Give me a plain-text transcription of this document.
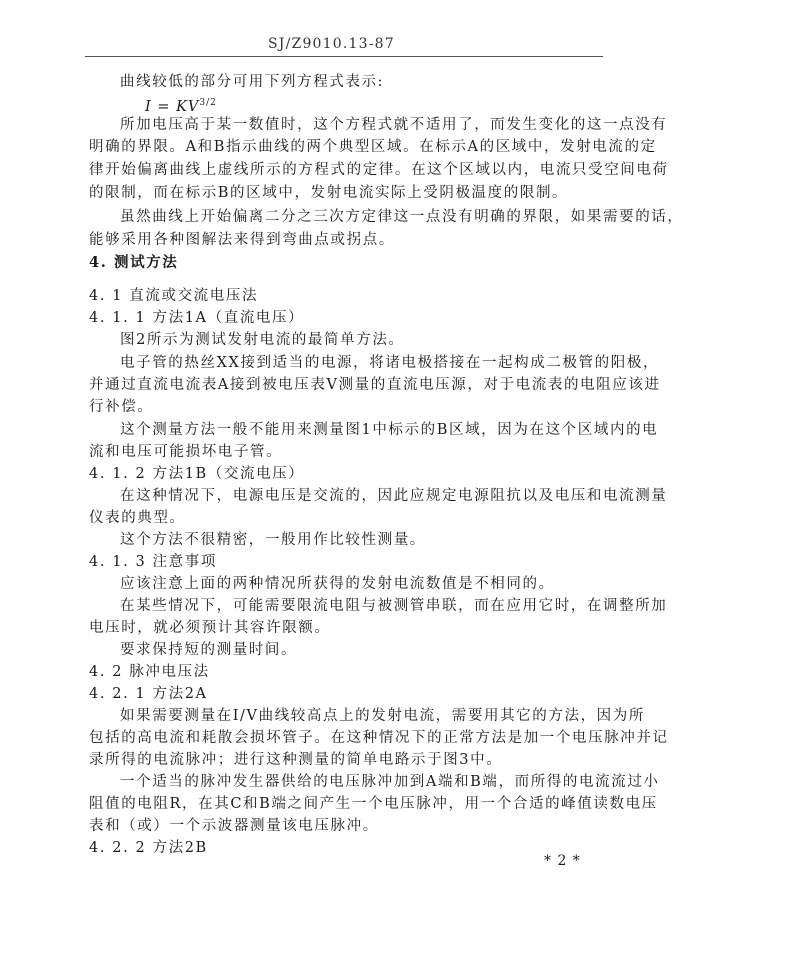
SJ/Z9010.13-87
曲线较低的部分可用下列方程式表示:
$I = KV^{3/2}$
所加电压高于某一数值时，这个方程式就不适用了，而发生变化的这一点没有
明确的界限。A和B指示曲线的两个典型区域。在标示A的区域中，发射电流的定
律开始偏离曲线上虚线所示的方程式的定律。在这个区域以内，电流只受空间电荷
的限制，而在标示B的区域中，发射电流实际上受阴极温度的限制。
虽然曲线上开始偏离二分之三次方定律这一点没有明确的界限，如果需要的话，
能够采用各种图解法来得到弯曲点或拐点。
4. 测试方法
4. 1 直流或交流电压法
4. 1. 1 方法1A（直流电压）
图2所示为测试发射电流的最简单方法。
电子管的热丝XX接到适当的电源，将诸电极搭接在一起构成二极管的阳极，
并通过直流电流表A接到被电压表V测量的直流电压源，对于电流表的电阻应该进
行补偿。
这个测量方法一般不能用来测量图1中标示的B区域，因为在这个区域内的电
流和电压可能损坏电子管。
4. 1. 2 方法1B（交流电压）
在这种情况下，电源电压是交流的，因此应规定电源阻抗以及电压和电流测量
仪表的典型。
这个方法不很精密，一般用作比较性测量。
4. 1. 3 注意事项
应该注意上面的两种情况所获得的发射电流数值是不相同的。
在某些情况下，可能需要限流电阻与被测管串联，而在应用它时，在调整所加
电压时，就必须预计其容许限额。
要求保持短的测量时间。
4. 2 脉冲电压法
4. 2. 1 方法2A
如果需要测量在I/V曲线较高点上的发射电流，需要用其它的方法，因为所
包括的高电流和耗散会损坏管子。在这种情况下的正常方法是加一个电压脉冲并记
录所得的电流脉冲；进行这种测量的简单电路示于图3中。
一个适当的脉冲发生器供给的电压脉冲加到A端和B端，而所得的电流流过小
阻值的电阻R，在其C和B端之间产生一个电压脉冲，用一个合适的峰值读数电压
表和（或）一个示波器测量该电压脉冲。
4. 2. 2 方法2B
* 2 *
